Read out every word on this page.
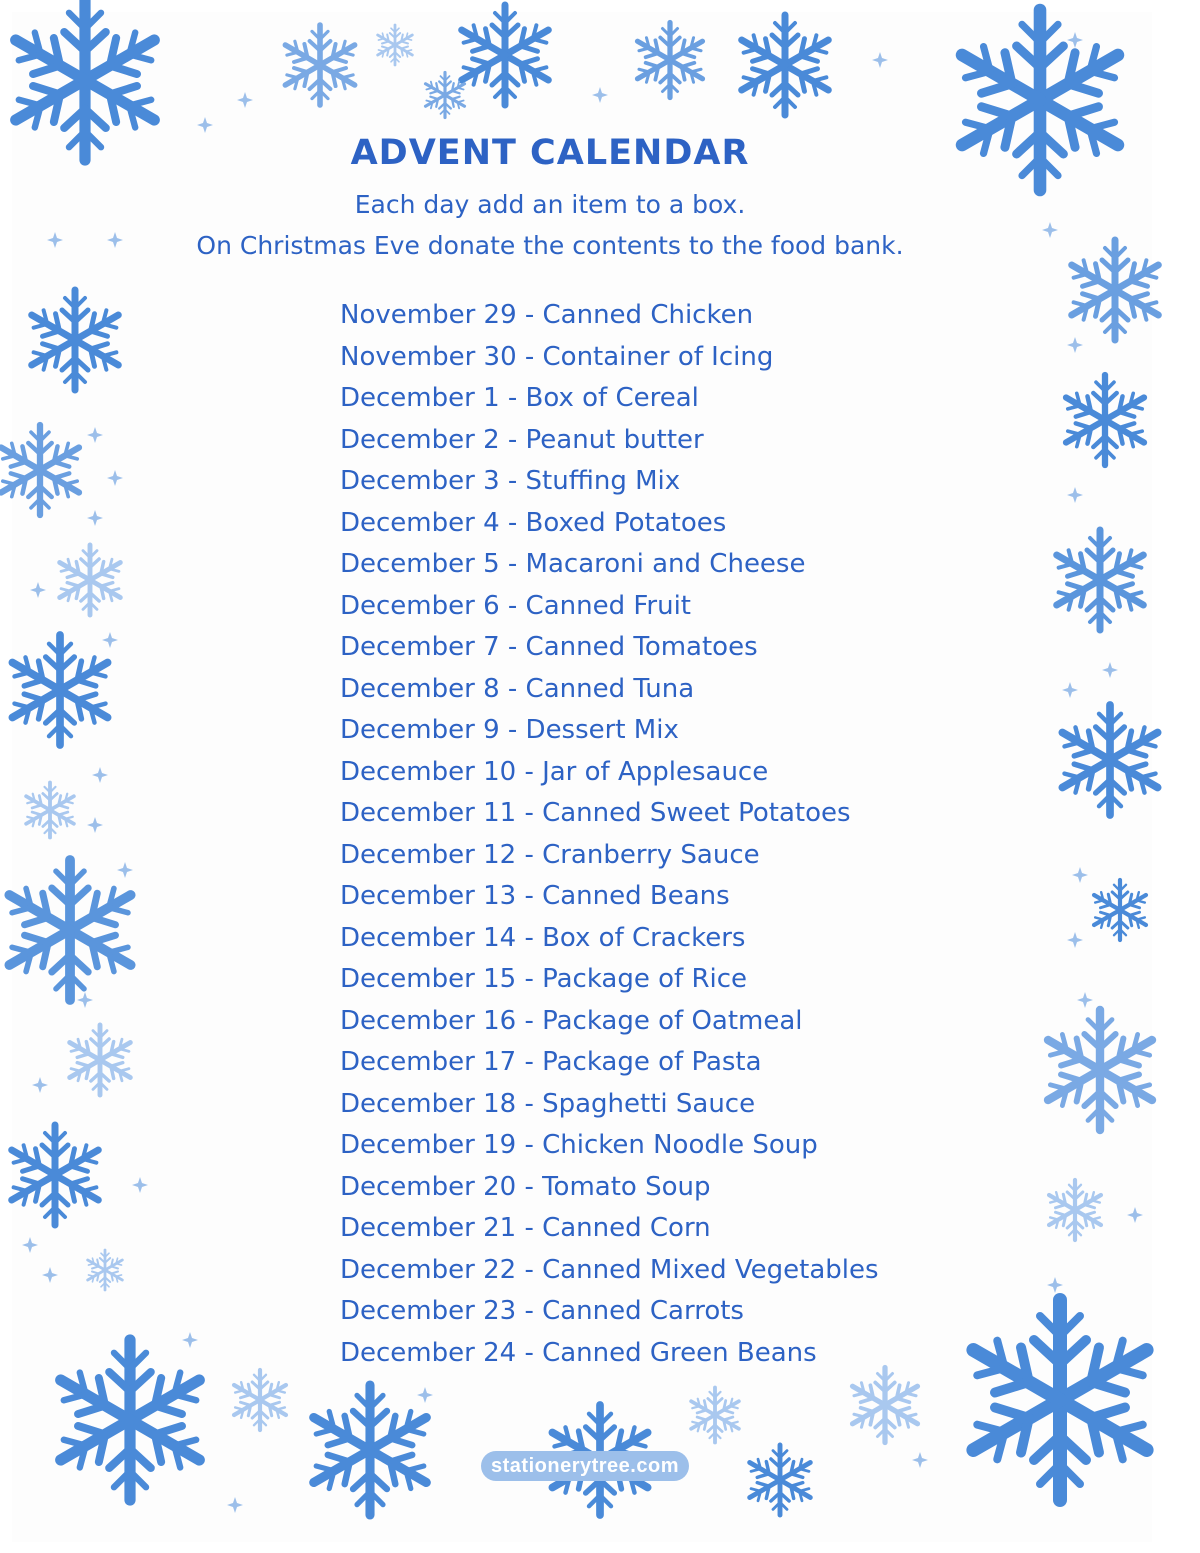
ADVENT CALENDAR
Each day add an item to a box.
On Christmas Eve donate the contents to the food bank.
November 29 - Canned Chicken
November 30 - Container of Icing
December 1 - Box of Cereal
December 2 - Peanut butter
December 3 - Stuffing Mix
December 4 - Boxed Potatoes
December 5 - Macaroni and Cheese
December 6 - Canned Fruit
December 7 - Canned Tomatoes
December 8 - Canned Tuna
December 9 - Dessert Mix
December 10 - Jar of Applesauce
December 11 - Canned Sweet Potatoes
December 12 - Cranberry Sauce
December 13 - Canned Beans
December 14 - Box of Crackers
December 15 - Package of Rice
December 16 - Package of Oatmeal
December 17 - Package of Pasta
December 18 - Spaghetti Sauce
December 19 - Chicken Noodle Soup
December 20 - Tomato Soup
December 21 - Canned Corn
December 22 - Canned Mixed Vegetables
December 23 - Canned Carrots
December 24 - Canned Green Beans
stationerytree.com
